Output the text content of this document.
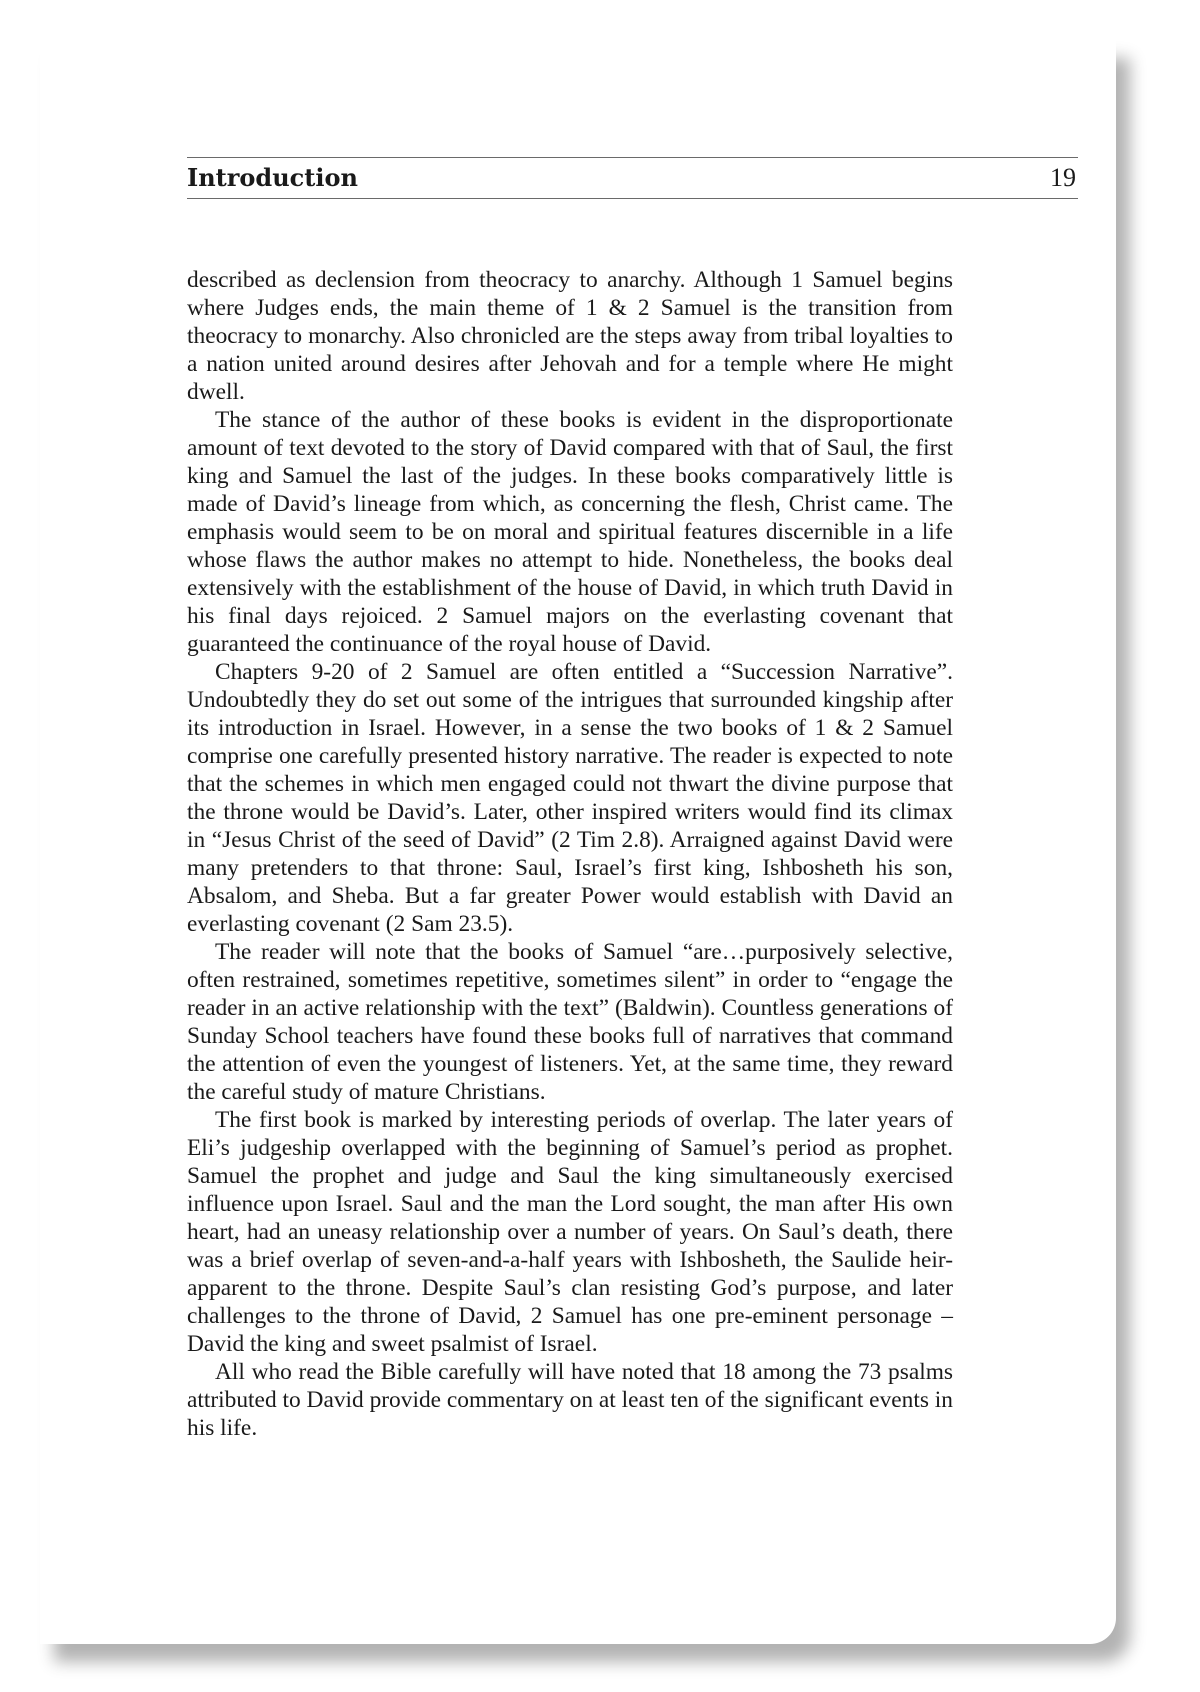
Introduction	19

described as declension from theocracy to anarchy. Although 1 Samuel begins where Judges ends, the main theme of 1 & 2 Samuel is the transition from theocracy to monarchy. Also chronicled are the steps away from tribal loyalties to a nation united around desires after Jehovah and for a temple where He might dwell.

The stance of the author of these books is evident in the disproportionate amount of text devoted to the story of David compared with that of Saul, the first king and Samuel the last of the judges. In these books comparatively little is made of David’s lineage from which, as concerning the flesh, Christ came. The emphasis would seem to be on moral and spiritual features discernible in a life whose flaws the author makes no attempt to hide. Nonetheless, the books deal extensively with the establishment of the house of David, in which truth David in his final days rejoiced. 2 Samuel majors on the everlasting covenant that guaranteed the continuance of the royal house of David.

Chapters 9-20 of 2 Samuel are often entitled a “Succession Narrative”. Undoubtedly they do set out some of the intrigues that surrounded kingship after its introduction in Israel. However, in a sense the two books of 1 & 2 Samuel comprise one carefully presented history narrative. The reader is expected to note that the schemes in which men engaged could not thwart the divine purpose that the throne would be David’s. Later, other inspired writers would find its climax in “Jesus Christ of the seed of David” (2 Tim 2.8). Arraigned against David were many pretenders to that throne: Saul, Israel’s first king, Ishbosheth his son, Absalom, and Sheba. But a far greater Power would establish with David an everlasting covenant (2 Sam 23.5).

The reader will note that the books of Samuel “are…purposively selective, often restrained, sometimes repetitive, sometimes silent” in order to “engage the reader in an active relationship with the text” (Baldwin). Countless generations of Sunday School teachers have found these books full of narratives that command the attention of even the youngest of listeners. Yet, at the same time, they reward the careful study of mature Christians.

The first book is marked by interesting periods of overlap. The later years of Eli’s judgeship overlapped with the beginning of Samuel’s period as prophet. Samuel the prophet and judge and Saul the king simultaneously exercised influence upon Israel. Saul and the man the Lord sought, the man after His own heart, had an uneasy relationship over a number of years. On Saul’s death, there was a brief overlap of seven-and-a-half years with Ishbosheth, the Saulide heir-apparent to the throne. Despite Saul’s clan resisting God’s purpose, and later challenges to the throne of David, 2 Samuel has one pre-eminent personage – David the king and sweet psalmist of Israel.

All who read the Bible carefully will have noted that 18 among the 73 psalms attributed to David provide commentary on at least ten of the significant events in his life.
